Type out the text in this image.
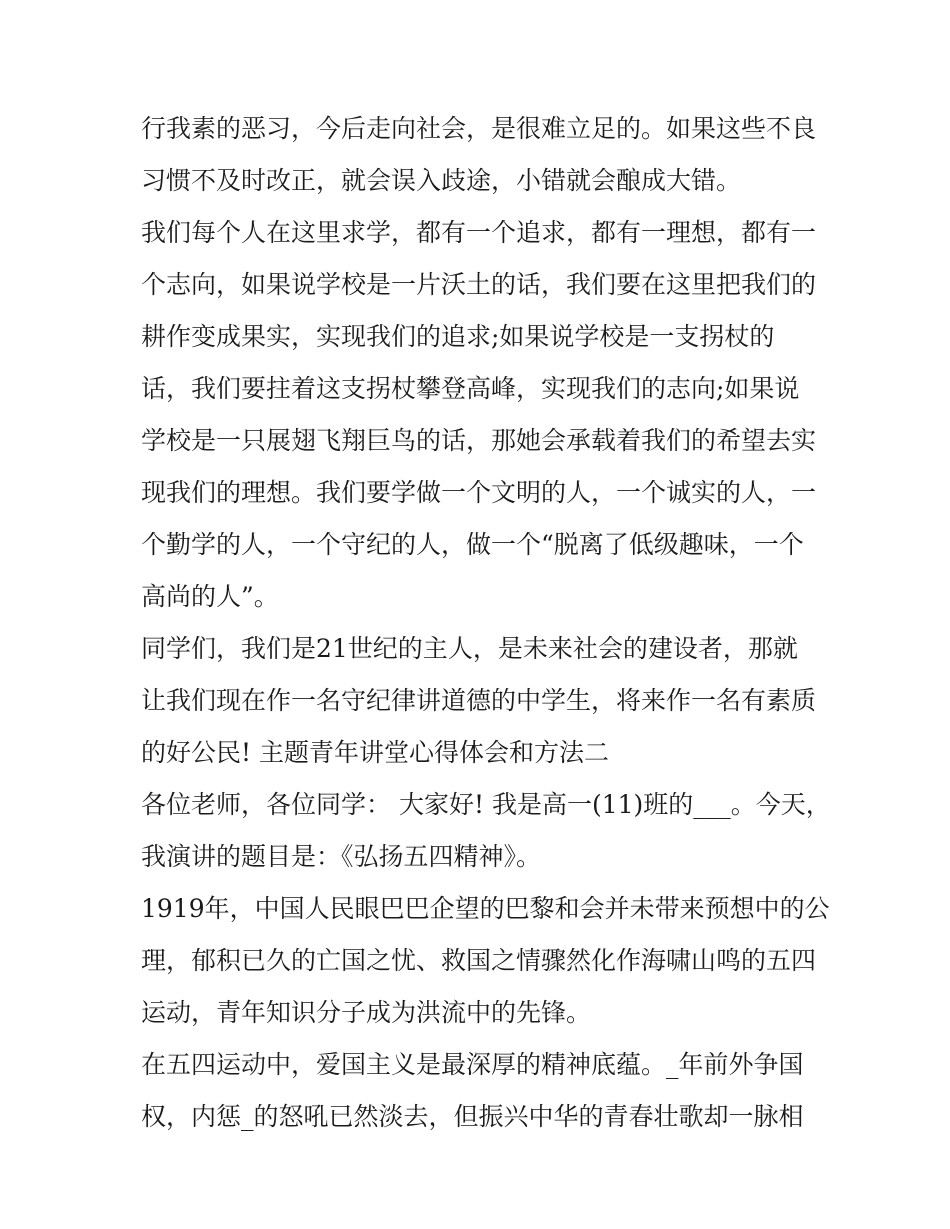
行我素的恶习，今后走向社会，是很难立足的。如果这些不良
习惯不及时改正，就会误入歧途，小错就会酿成大错。
我们每个人在这里求学，都有一个追求，都有一理想，都有一
个志向，如果说学校是一片沃土的话，我们要在这里把我们的
耕作变成果实，实现我们的追求;如果说学校是一支拐杖的
话，我们要拄着这支拐杖攀登高峰，实现我们的志向;如果说
学校是一只展翅飞翔巨鸟的话，那她会承载着我们的希望去实
现我们的理想。我们要学做一个文明的人，一个诚实的人，一
个勤学的人，一个守纪的人，做一个“脱离了低级趣味，一个
高尚的人”。
同学们，我们是21世纪的主人，是未来社会的建设者，那就
让我们现在作一名守纪律讲道德的中学生，将来作一名有素质
的好公民! 主题青年讲堂心得体会和方法二
各位老师，各位同学： 大家好! 我是高一(11)班的___。今天，
我演讲的题目是：《弘扬五四精神》。
1919年，中国人民眼巴巴企望的巴黎和会并未带来预想中的公
理，郁积已久的亡国之忧、救国之情骤然化作海啸山鸣的五四
运动，青年知识分子成为洪流中的先锋。
在五四运动中，爱国主义是最深厚的精神底蕴。_年前外争国
权，内惩_的怒吼已然淡去，但振兴中华的青春壮歌却一脉相
